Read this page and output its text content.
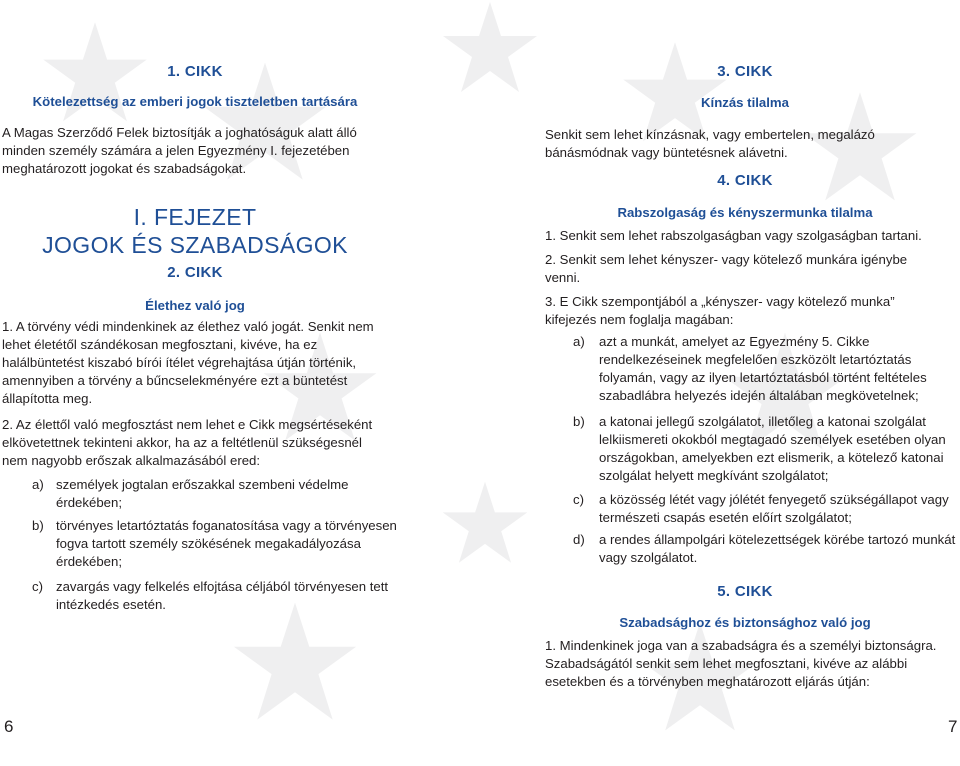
1. CIKK
Kötelezettség az emberi jogok tiszteletben tartására

A Magas Szerződő Felek biztosítják a joghatóságuk alatt álló minden személy számára a jelen Egyezmény I. fejezetében meghatározott jogokat és szabadságokat.

I. FEJEZET
JOGOK ÉS SZABADSÁGOK
2. CIKK
Élethez való jog

1. A törvény védi mindenkinek az élethez való jogát. Senkit nem lehet életétől szándékosan megfosztani, kivéve, ha ez halálbüntetést kiszabó bírói ítélet végrehajtása útján történik, amennyiben a törvény a bűncselekményére ezt a büntetést állapította meg.

2. Az élettől való megfosztást nem lehet e Cikk megsértéseként elkövetettnek tekinteni akkor, ha az a feltétlenül szükségesnél nem nagyobb erőszak alkalmazásából ered:

a) személyek jogtalan erőszakkal szembeni védelme érdekében;
b) törvényes letartóztatás foganatosítása vagy a törvényesen fogva tartott személy szökésének megakadályozása érdekében;
c) zavargás vagy felkelés elfojtása céljából törvényesen tett intézkedés esetén.
6
3. CIKK
Kínzás tilalma

Senkit sem lehet kínzásnak, vagy embertelen, megalázó bánásmódnak vagy büntetésnek alávetni.

4. CIKK
Rabszolgaság és kényszermunka tilalma

1. Senkit sem lehet rabszolgaságban vagy szolgaságban tartani.

2. Senkit sem lehet kényszer- vagy kötelező munkára igénybe venni.

3. E Cikk szempontjából a „kényszer- vagy kötelező munka” kifejezés nem foglalja magában:

a) azt a munkát, amelyet az Egyezmény 5. Cikke rendelkezéseinek megfelelően eszközölt letartóztatás folyamán, vagy az ilyen letartóztatásból történt feltételes szabadlábra helyezés idején általában megkövetelnek;
b) a katonai jellegű szolgálatot, illetőleg a katonai szolgálat lelkiismereti okokból megtagadó személyek esetében olyan országokban, amelyekben ezt elismerik, a kötelező katonai szolgálat helyett megkívánt szolgálatot;
c) a közösség létét vagy jólétét fenyegető szükségállapot vagy természeti csapás esetén előírt szolgálatot;
d) a rendes állampolgári kötelezettségek körébe tartozó munkát vagy szolgálatot.
5. CIKK
Szabadsághoz és biztonsághoz való jog

1. Mindenkinek joga van a szabadságra és a személyi biztonságra. Szabadságától senkit sem lehet megfosztani, kivéve az alábbi esetekben és a törvényben meghatározott eljárás útján:

7
